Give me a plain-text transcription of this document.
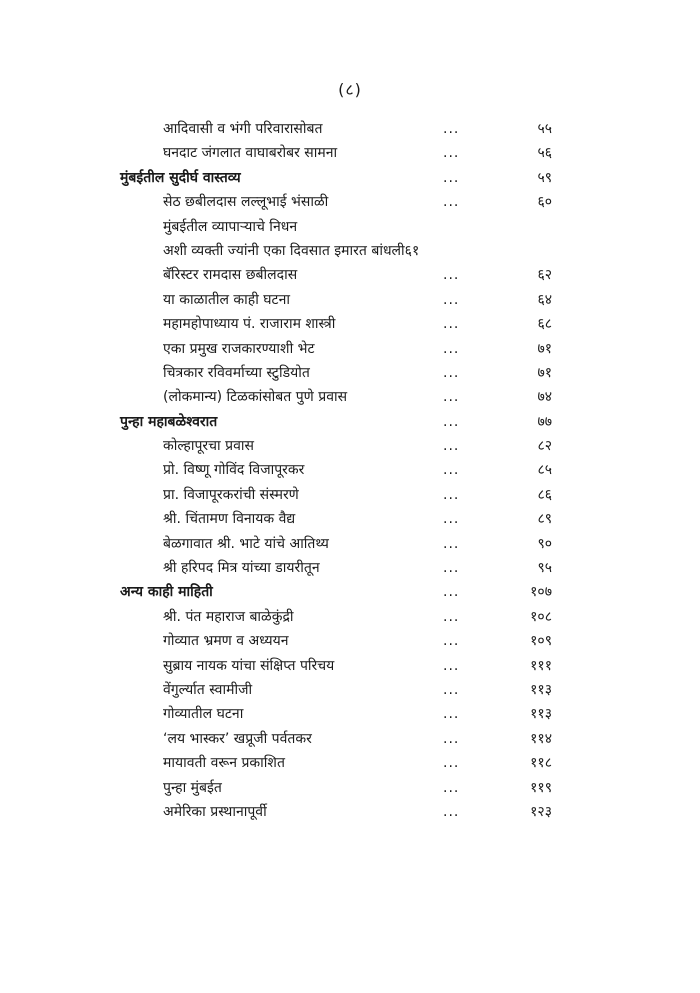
(८)
आदिवासी व भंगी परिवारासोबत	...	५५
घनदाट जंगलात वाघाबरोबर सामना	...	५६
मुंबईतील सुदीर्घ वास्तव्य	...	५९
सेठ छबीलदास लल्लूभाई भंसाळी	...	६०
मुंबईतील व्यापाऱ्याचे निधन
अशी व्यक्ती ज्यांनी एका दिवसात इमारत बांधली६१
बॅरिस्टर रामदास छबीलदास	...	६२
या काळातील काही घटना	...	६४
महामहोपाध्याय पं. राजाराम शास्त्री	...	६८
एका प्रमुख राजकारण्याशी भेट	...	७१
चित्रकार रविवर्माच्या स्टुडियोत	...	७१
(लोकमान्य) टिळकांसोबत पुणे प्रवास	...	७४
पुन्हा महाबळेश्वरात	...	७७
कोल्हापूरचा प्रवास	...	८२
प्रो. विष्णू गोविंद विजापूरकर	...	८५
प्रा. विजापूरकरांची संस्मरणे	...	८६
श्री. चिंतामण विनायक वैद्य	...	८९
बेळगावात श्री. भाटे यांचे आतिथ्य	...	९०
श्री हरिपद मित्र यांच्या डायरीतून	...	९५
अन्य काही माहिती	...	१०७
श्री. पंत महाराज बाळेकुंद्री	...	१०८
गोव्यात भ्रमण व अध्ययन	...	१०९
सुब्राय नायक यांचा संक्षिप्त परिचय	...	१११
वेंगुर्ल्यात स्वामीजी	...	११३
गोव्यातील घटना	...	११३
‘लय भास्कर’ खप्रूजी पर्वतकर	...	११४
मायावती वरून प्रकाशित	...	११८
पुन्हा मुंबईत	...	११९
अमेरिका प्रस्थानापूर्वी	...	१२३
